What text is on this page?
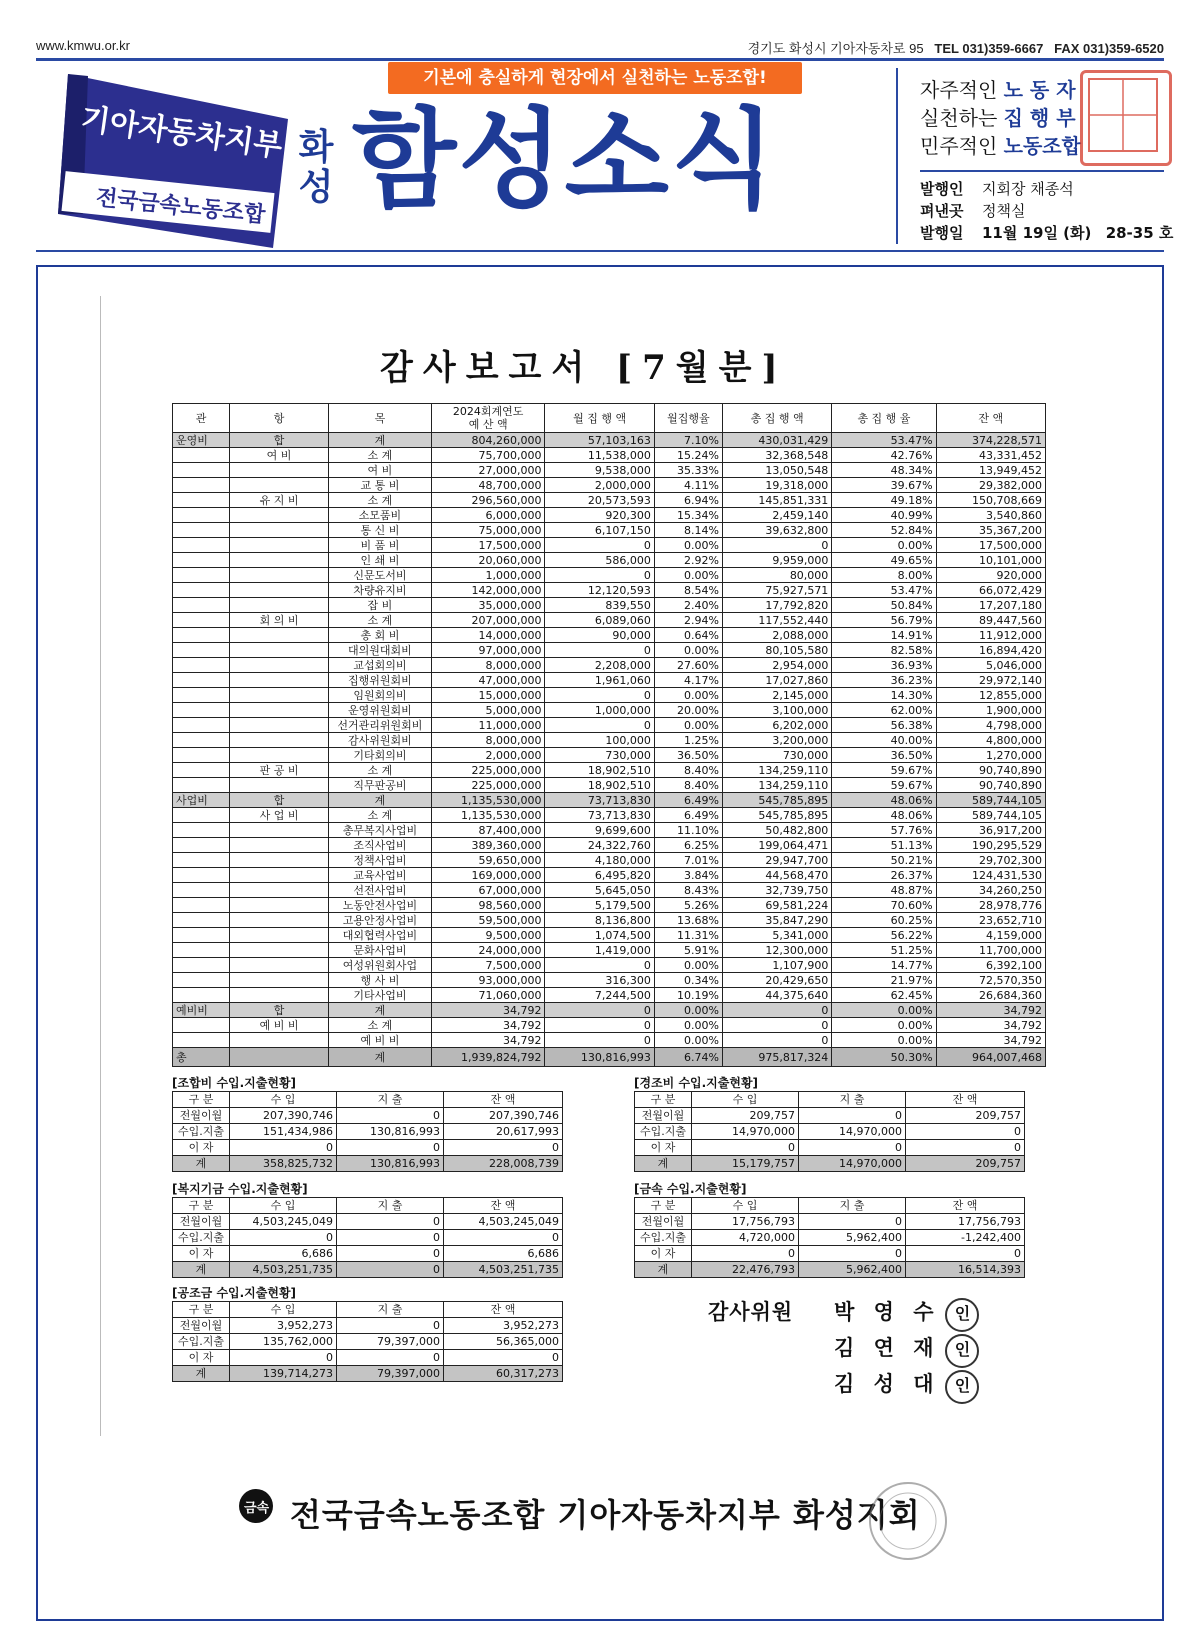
www.kmwu.or.kr	경기도 화성시 기아자동차로 95 TEL 031)359-6667 FAX 031)359-6520
기아자동차지부
전국금속노동조합
기본에 충실하게 현장에서 실천하는 노동조합!
화성 함성소식
자주적인 노 동 자
실천하는 집 행 부
민주적인 노동조합
발행인 지회장 채종석
펴낸곳 정책실
발행일 11월 19일 (화) 28-35 호
감사보고서 [7월분]
관	항	목	2024회계연도
예 산 액	월 집 행 액	월집행율	총 집 행 액	총 집 행 율	잔 액
운영비	합	계	804,260,000	57,103,163	7.10%	430,031,429	53.47%	374,228,571
	여 비	소 계	75,700,000	11,538,000	15.24%	32,368,548	42.76%	43,331,452
		여 비	27,000,000	9,538,000	35.33%	13,050,548	48.34%	13,949,452
		교 통 비	48,700,000	2,000,000	4.11%	19,318,000	39.67%	29,382,000
	유 지 비	소 계	296,560,000	20,573,593	6.94%	145,851,331	49.18%	150,708,669
		소모품비	6,000,000	920,300	15.34%	2,459,140	40.99%	3,540,860
		통 신 비	75,000,000	6,107,150	8.14%	39,632,800	52.84%	35,367,200
		비 품 비	17,500,000	0	0.00%	0	0.00%	17,500,000
		인 쇄 비	20,060,000	586,000	2.92%	9,959,000	49.65%	10,101,000
		신문도서비	1,000,000	0	0.00%	80,000	8.00%	920,000
		차량유지비	142,000,000	12,120,593	8.54%	75,927,571	53.47%	66,072,429
		잡 비	35,000,000	839,550	2.40%	17,792,820	50.84%	17,207,180
	회 의 비	소 계	207,000,000	6,089,060	2.94%	117,552,440	56.79%	89,447,560
		총 회 비	14,000,000	90,000	0.64%	2,088,000	14.91%	11,912,000
		대의원대회비	97,000,000	0	0.00%	80,105,580	82.58%	16,894,420
		교섭회의비	8,000,000	2,208,000	27.60%	2,954,000	36.93%	5,046,000
		집행위원회비	47,000,000	1,961,060	4.17%	17,027,860	36.23%	29,972,140
		임원회의비	15,000,000	0	0.00%	2,145,000	14.30%	12,855,000
		운영위원회비	5,000,000	1,000,000	20.00%	3,100,000	62.00%	1,900,000
		선거관리위원회비	11,000,000	0	0.00%	6,202,000	56.38%	4,798,000
		감사위원회비	8,000,000	100,000	1.25%	3,200,000	40.00%	4,800,000
		기타회의비	2,000,000	730,000	36.50%	730,000	36.50%	1,270,000
	판 공 비	소 계	225,000,000	18,902,510	8.40%	134,259,110	59.67%	90,740,890
		직무판공비	225,000,000	18,902,510	8.40%	134,259,110	59.67%	90,740,890
사업비	합	계	1,135,530,000	73,713,830	6.49%	545,785,895	48.06%	589,744,105
	사 업 비	소 계	1,135,530,000	73,713,830	6.49%	545,785,895	48.06%	589,744,105
		총무복지사업비	87,400,000	9,699,600	11.10%	50,482,800	57.76%	36,917,200
		조직사업비	389,360,000	24,322,760	6.25%	199,064,471	51.13%	190,295,529
		정책사업비	59,650,000	4,180,000	7.01%	29,947,700	50.21%	29,702,300
		교육사업비	169,000,000	6,495,820	3.84%	44,568,470	26.37%	124,431,530
		선전사업비	67,000,000	5,645,050	8.43%	32,739,750	48.87%	34,260,250
		노동안전사업비	98,560,000	5,179,500	5.26%	69,581,224	70.60%	28,978,776
		고용안정사업비	59,500,000	8,136,800	13.68%	35,847,290	60.25%	23,652,710
		대외협력사업비	9,500,000	1,074,500	11.31%	5,341,000	56.22%	4,159,000
		문화사업비	24,000,000	1,419,000	5.91%	12,300,000	51.25%	11,700,000
		여성위원회사업	7,500,000	0	0.00%	1,107,900	14.77%	6,392,100
		행 사 비	93,000,000	316,300	0.34%	20,429,650	21.97%	72,570,350
		기타사업비	71,060,000	7,244,500	10.19%	44,375,640	62.45%	26,684,360
예비비	합	계	34,792	0	0.00%	0	0.00%	34,792
	예 비 비	소 계	34,792	0	0.00%	0	0.00%	34,792
		예 비 비	34,792	0	0.00%	0	0.00%	34,792
총		계	1,939,824,792	130,816,993	6.74%	975,817,324	50.30%	964,007,468
[조합비 수입.지출현황]
구 분	수 입	지 출	잔 액
전월이월	207,390,746	0	207,390,746
수입.지출	151,434,986	130,816,993	20,617,993
이 자	0	0	0
계	358,825,732	130,816,993	228,008,739
[경조비 수입.지출현황]
구 분	수 입	지 출	잔 액
전월이월	209,757	0	209,757
수입.지출	14,970,000	14,970,000	0
이 자	0	0	0
계	15,179,757	14,970,000	209,757
[복지기금 수입.지출현황]
구 분	수 입	지 출	잔 액
전월이월	4,503,245,049	0	4,503,245,049
수입.지출	0	0	0
이 자	6,686	0	6,686
계	4,503,251,735	0	4,503,251,735
[금속 수입.지출현황]
구 분	수 입	지 출	잔 액
전월이월	17,756,793	0	17,756,793
수입.지출	4,720,000	5,962,400	-1,242,400
이 자	0	0	0
계	22,476,793	5,962,400	16,514,393
[공조금 수입.지출현황]
구 분	수 입	지 출	잔 액
전월이월	3,952,273	0	3,952,273
수입.지출	135,762,000	79,397,000	56,365,000
이 자	0	0	0
계	139,714,273	79,397,000	60,317,273
감사위원 박 영 수 인
김 연 재 인
김 성 대 인
금속 전국금속노동조합 기아자동차지부 화성지회
